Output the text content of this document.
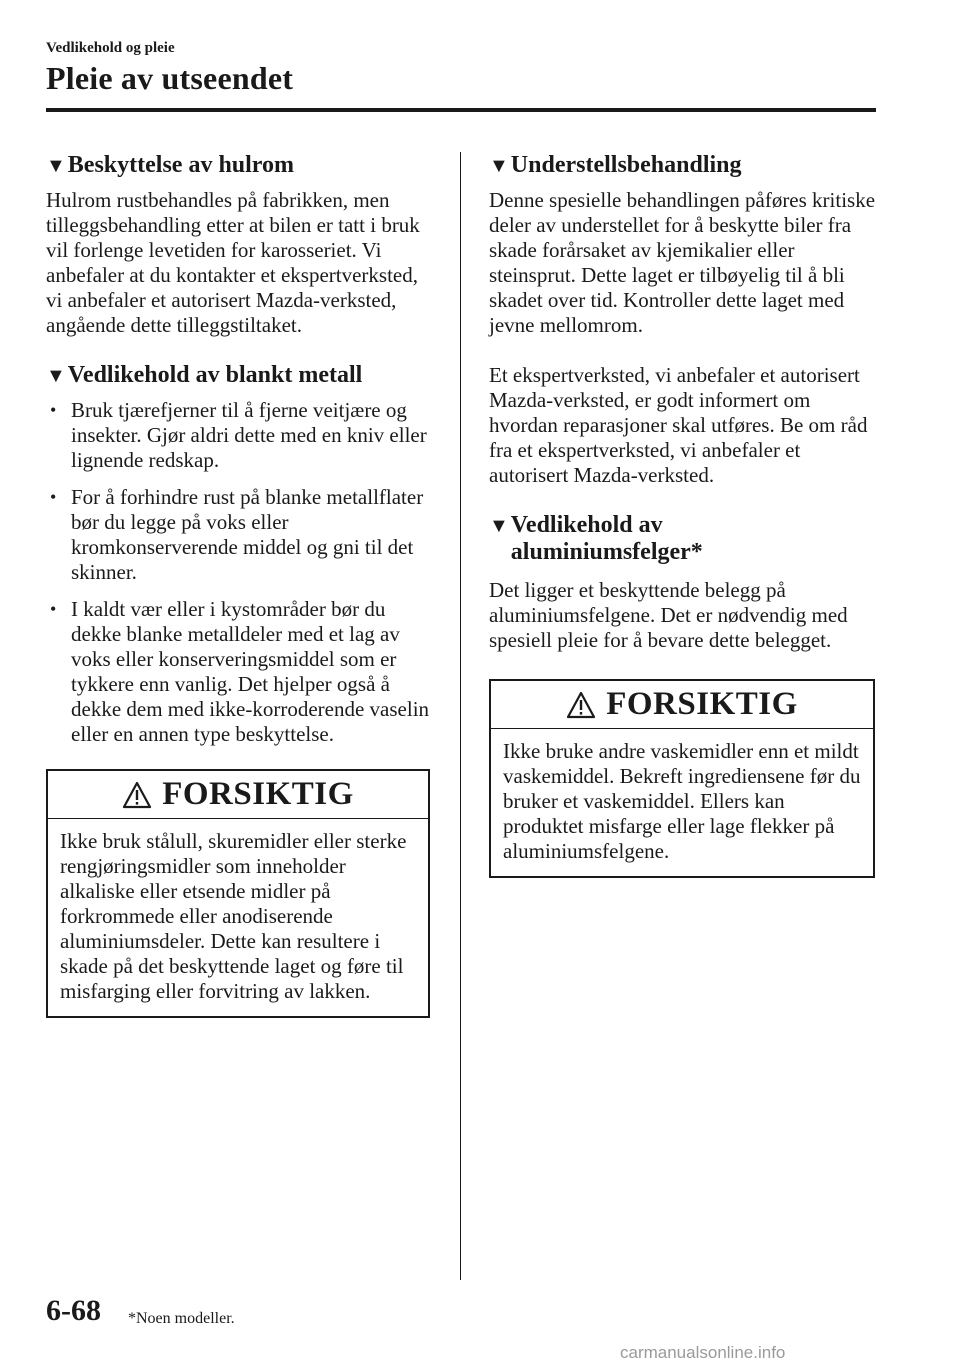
Vedlikehold og pleie
Pleie av utseendet
▼ Beskyttelse av hulrom

Hulrom rustbehandles på fabrikken, men tilleggsbehandling etter at bilen er tatt i bruk vil forlenge levetiden for karosseriet. Vi anbefaler at du kontakter et ekspertverksted, vi anbefaler et autorisert Mazda-verksted, angående dette tilleggstiltaket.

▼ Vedlikehold av blankt metall
• Bruk tjærefjerner til å fjerne veitjære og insekter. Gjør aldri dette med en kniv eller lignende redskap.
• For å forhindre rust på blanke metallflater bør du legge på voks eller kromkonserverende middel og gni til det skinner.
• I kaldt vær eller i kystområder bør du dekke blanke metalldeler med et lag av voks eller konserveringsmiddel som er tykkere enn vanlig. Det hjelper også å dekke dem med ikke-korroderende vaselin eller en annen type beskyttelse.
FORSIKTIG
Ikke bruk stålull, skuremidler eller sterke rengjøringsmidler som inneholder alkaliske eller etsende midler på forkrommede eller anodiserende aluminiumsdeler. Dette kan resultere i skade på det beskyttende laget og føre til misfarging eller forvitring av lakken.
▼ Understellsbehandling

Denne spesielle behandlingen påføres kritiske deler av understellet for å beskytte biler fra skade forårsaket av kjemikalier eller steinsprut. Dette laget er tilbøyelig til å bli skadet over tid. Kontroller dette laget med jevne mellomrom.

Et ekspertverksted, vi anbefaler et autorisert Mazda-verksted, er godt informert om hvordan reparasjoner skal utføres. Be om råd fra et ekspertverksted, vi anbefaler et autorisert Mazda-verksted.

▼ Vedlikehold av
aluminiumsfelger*

Det ligger et beskyttende belegg på aluminiumsfelgene. Det er nødvendig med spesiell pleie for å bevare dette belegget.

FORSIKTIG
Ikke bruke andre vaskemidler enn et mildt vaskemiddel. Bekreft ingrediensene før du bruker et vaskemiddel. Ellers kan produktet misfarge eller lage flekker på aluminiumsfelgene.
6-68 *Noen modeller.
carmanualsonline.info
